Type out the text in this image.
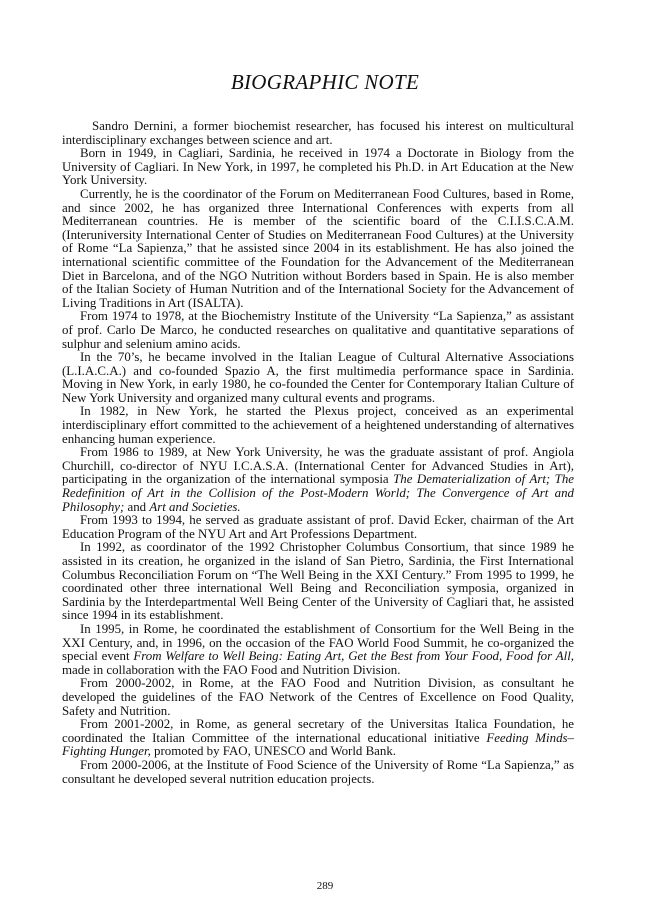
BIOGRAPHIC NOTE

Sandro Dernini, a former biochemist researcher, has focused his interest on multicultural interdisciplinary exchanges between science and art.

Born in 1949, in Cagliari, Sardinia, he received in 1974 a Doctorate in Biology from the University of Cagliari. In New York, in 1997, he completed his Ph.D. in Art Education at the New York University.

Currently, he is the coordinator of the Forum on Mediterranean Food Cultures, based in Rome, and since 2002, he has organized three International Conferences with experts from all Mediterranean countries. He is member of the scientific board of the C.I.I.S.C.A.M. (Interuniversity International Center of Studies on Mediterranean Food Cultures) at the University of Rome “La Sapienza,” that he assisted since 2004 in its establishment. He has also joined the international scientific committee of the Foundation for the Advancement of the Mediterranean Diet in Barcelona, and of the NGO Nutrition without Borders based in Spain. He is also member of the Italian Society of Human Nutrition and of the International Society for the Advancement of Living Traditions in Art (ISALTA).

From 1974 to 1978, at the Biochemistry Institute of the University “La Sapienza,” as assistant of prof. Carlo De Marco, he conducted researches on qualitative and quantitative separations of sulphur and selenium amino acids.

In the 70’s, he became involved in the Italian League of Cultural Alternative Associations (L.I.A.C.A.) and co-founded Spazio A, the first multimedia performance space in Sardinia. Moving in New York, in early 1980, he co-founded the Center for Contemporary Italian Culture of New York University and organized many cultural events and programs.

In 1982, in New York, he started the Plexus project, conceived as an experimental interdisciplinary effort committed to the achievement of a heightened understanding of alternatives enhancing human experience.

From 1986 to 1989, at New York University, he was the graduate assistant of prof. Angiola Churchill, co-director of NYU I.C.A.S.A. (International Center for Advanced Studies in Art), participating in the organization of the international symposia The Dematerialization of Art; The Redefinition of Art in the Collision of the Post-Modern World; The Convergence of Art and Philosophy; and Art and Societies.

From 1993 to 1994, he served as graduate assistant of prof. David Ecker, chairman of the Art Education Program of the NYU Art and Art Professions Department.

In 1992, as coordinator of the 1992 Christopher Columbus Consortium, that since 1989 he assisted in its creation, he organized in the island of San Pietro, Sardinia, the First International Columbus Reconciliation Forum on “The Well Being in the XXI Century.” From 1995 to 1999, he coordinated other three international Well Being and Reconciliation symposia, organized in Sardinia by the Interdepartmental Well Being Center of the University of Cagliari that, he assisted since 1994 in its establishment.

In 1995, in Rome, he coordinated the establishment of Consortium for the Well Being in the XXI Century, and, in 1996, on the occasion of the FAO World Food Summit, he co-organized the special event From Welfare to Well Being: Eating Art, Get the Best from Your Food, Food for All, made in collaboration with the FAO Food and Nutrition Division.

From 2000-2002, in Rome, at the FAO Food and Nutrition Division, as consultant he developed the guidelines of the FAO Network of the Centres of Excellence on Food Quality, Safety and Nutrition.

From 2001-2002, in Rome, as general secretary of the Universitas Italica Foundation, he coordinated the Italian Committee of the international educational initiative Feeding Minds–Fighting Hunger, promoted by FAO, UNESCO and World Bank.

From 2000-2006, at the Institute of Food Science of the University of Rome “La Sapienza,” as consultant he developed several nutrition education projects.

289
